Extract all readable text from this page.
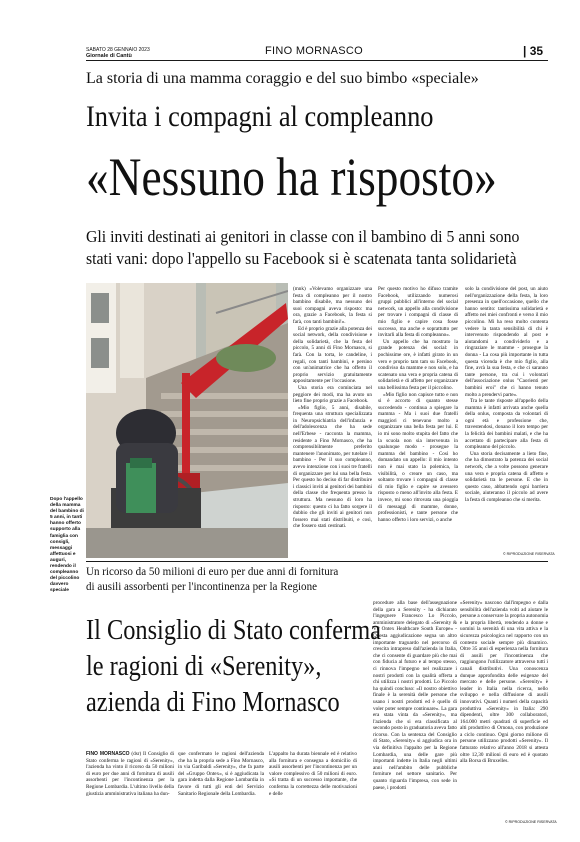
SABATO 28 GENNAIO 2023
Giornale di Cantù	FINO MORNASCO	| 35
La storia di una mamma coraggio e del suo bimbo «speciale»
Invita i compagni al compleanno
«Nessuno ha risposto»
Gli inviti destinati ai genitori in classe con il bambino di 5 anni sono
stati vani: dopo l'appello su Facebook si è scatenata tanta solidarietà
Dopo l'appello della mamma del bambino di 5 anni, in tanti hanno offerto supporto alla famiglia con consigli, messaggi affettuosi e auguri, rendendo il compleanno del piccolino davvero speciale

(mnk) «Volevamo organizzare una festa di compleanno per il nostro bambino disabile, ma nessuno dei suoi compagni aveva risposto: ma ora, grazie a Facebook, la festa si farà, con tanti bambini!».

Ed è proprio grazie alla potenza dei social network, della condivisione e della solidarietà, che la festa del piccolo, 5 anni di Fino Mornasco, si farà. Con la torta, le candeline, i regali, con tanti bambini, e persino con un'animatrice che ha offerto il proprio servizio gratuitamente appositamente per l'occasione.

Una storia era cominciata nel peggiore dei modi, ma ha avuto un lieto fine proprio grazie a Facebook.

«Mio figlio, 5 anni, disabile, frequenta una struttura specializzata in Neuropsichiatria dell'infanzia e dell'adolescenza che ha sede nell'Erbese - racconta la mamma, residente a Fino Mornasco, che ha comprensibilmente preferito mantenere l'anonimato, per tutelare il bambino - Per il suo compleanno, avevo intenzione con i suoi tre fratelli di organizzare per lui una bella festa. Per questo ho deciso di far distribuire i classici inviti ai genitori dei bambini della classe che frequenta presso la struttura. Ma nessuno di loro ha risposto: questo ci ha fatto sorgere il dubbio che gli inviti ai genitori non fossero mai stati distribuiti, e così, che fossero stati cestinati.

Per questo motivo ho difuso tramite Facebook, utilizzando numerosi gruppi pubblici all'interno del social network, un appello alla condivisione per trovare i compagni di classe di mio figlio e capire cosa fosse successo, ma anche e soprattutto per invitarli alla festa di compleanno».

Un appello che ha mostrato la grande potenza dei social: in pochissime ore, è infatti girato in un vero e proprio tam tam su Facebook, condiviso da mamme e non solo, e ha scatenato una vera e propria catena di solidarietà e di affetto per organizzare una bellissima festa per il piccolino.

«Mio figlio non capisce tutto e non si è accorto di quanto stesse succedendo - continua a spiegare la mamma - Ma i suoi due fratelli maggiori ci tenevano molto a organizzare una bella festa per lui. E io mi sono molto stupita del fatto che la scuola non sia intervenuta in qualunque modo - prosegue la mamma del bambino - Così ho domandato un appello: il mio intento non è mai stato la polemica, la visibilità, o creare un caso, ma soltanto trovare i compagni di classe di mio figlio e capire se avessero risposto o meno all'invito alla festa. E invece, mi sono ritrovata una pioggia di messaggi di mamme, donne, professionisti, e tante persone che hanno offerto i loro servizi, o anche

solo la condivisione del post, un aiuto nell'organizzazione della festa, la loro presenza in quell'occasione, quello che hanno sentito: tantissima solidarietà e affetto nei miei confronti e verso il mio piccolino. Mi ha reso molto contenta vedere la tanta sensibilità di chi è intervenuto rispondendo al post e aiutandomi a condividerlo e a ringraziare le mamme - prosegue la donna - La cosa più importante in tutta questa vicenda è che mio figlio, alla fine, avrà la sua festa, e che ci saranno tante persone, tra cui i volontari dell'associazione onlus "Caorienti per bambini eroi" che ci hanno tenuto molto a prendervi parte».

Tra le tante risposte all'appello della mamma è infatti arrivata anche quella della onlus, composta da volontari di ogni età e professione che, travestendosi, donano il loro tempo per la felicità dei bambini malati, e che ha accettato di partecipare alla festa di compleanno del piccolo.

Una storia decisamente a lieto fine, che ha dimostrato la potenza dei social network, che a volte possono generare una vera e propria catena di affetto e solidarietà tra le persone. E che in questo caso, abbattendo ogni barriera sociale, aiuteranno il piccolo ad avere la festa di compleanno che si merita.

© RIPRODUZIONE RISERVATA
Un ricorso da 50 milioni di euro per due anni di fornitura
di ausili assorbenti per l'incontinenza per la Regione
Il Consiglio di Stato conferma
le ragioni di «Serenity»,
azienda di Fino Mornasco

FINO MORNASCO (dsr) Il Consiglio di Stato conferma le ragioni di «Serenity», l'azienda ha vinto il ricorso da 50 milioni di euro per due anni di fornitura di ausili assorbenti per l'incontinenza per la Regione Lombardia. L'ultimo livello della giustizia amministrativa italiana ha dun-

que confermato le ragioni dell'azienda che ha la propria sede a Fino Mornasco, in via Garibaldi «Serenity», che fa parte del «Gruppo Ontex», si è aggiudicata la gara indetta dalla Regione Lombardia in favore di tutti gli enti del Servizio Sanitario Regionale della Lombardia.

L'appalto ha durata biennale ed è relativo alla fornitura e consegna a domicilio di ausili assorbenti per l'incontinenza per un valore complessivo di 50 milioni di euro. «Si tratta di un successo importante, che conferma la correttezza delle motivazioni e delle

procedure alla base dell'assegnazione della gara a Serenity - ha dichiarato l'ingegnere Francesco Lo Piccolo, amministratore delegato di «Serenity & VP Ontex Healthcare South Europe» - Questa aggiudicazione segna un altro importante traguardo nel percorso di crescita intrapreso dall'azienda in Italia, che ci consente di guardare più che mai con fiducia al futuro e al tempo stesso, ci rinnova l'impegno nel realizzare i nostri prodotti con la qualità offerta a chi utilizza i nostri prodotti. Lo Piccolo ha quindi concluso: «Il nostro obiettivo finale è la serenità delle persone che usano i nostri prodotti ed è quello di voler poter sempre continuare». La gara era stata vinta da «Serenity», ma l'azienda che si era classificata al secondo posto in graduatoria aveva fatto ricorso. Con la sentenza del Consiglio di Stato, «Serenity» si aggiudica ora in via definitiva l'appalto per la Regione Lombardia, una delle gare più importanti indette in Italia negli ultimi anni nell'ambito delle pubbliche forniture nel settore sanitario. Per quanto riguarda l'impresa, con sede in paese, i prodotti

«Serenity» nascono dall'impegno e dalla sensibilità dell'azienda volti ad aiutare le persone a conservare la propria autonomia e la propria libertà, rendendo a donne e uomini la serenità di una vita attiva e la sicurezza psicologica nel rapporto con un contesto sociale sempre più dinamico. Oltre 35 anni di esperienza nella fornitura di ausili per l'incontinenza che raggiungono l'utilizzatore attraverso tutti i canali distributivi. Una conoscenza dunque approfondita delle esigenze del mercato e delle persone. «Serenity» è leader in Italia nella ricerca, nello sviluppo e nella diffusione di ausili innovativi. Quanti i numeri della capacità produttiva «Serenity» in Italia: 290 dipendenti, oltre 300 collaboratori, 164.000 metri quadrati di superficie ed alti produttivo di Ornona, con produzione a ciclo continuo. Ogni giorno milione di persone utilizzano prodotti «Serenity». Il fatturato relativo all'anno 2018 si attesta oltre 12,30 milioni di euro ed è quotato alla Borsa di Bruxelles.

© RIPRODUZIONE RISERVATA
